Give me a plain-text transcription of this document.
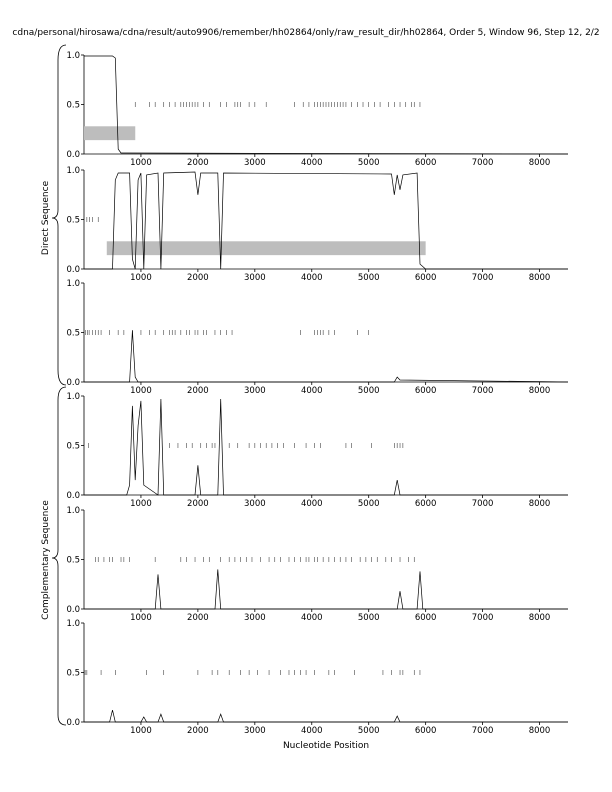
cdna/personal/hirosawa/cdna/result/auto9906/remember/hh02864/only/raw_result_dir/hh02864, Order 5, Window 96, Step 12, 2/2
0.0
0.5
1.0
1000	2000	3000	4000	5000	6000	7000	8000
0.0
0.5
1.0
1000	2000	3000	4000	5000	6000	7000	8000
0.0
0.5
1.0
1000	2000	3000	4000	5000	6000	7000	8000
0.0
0.5
1.0
1000	2000	3000	4000	5000	6000	7000	8000
0.0
0.5
1.0
1000	2000	3000	4000	5000	6000	7000	8000
0.0
0.5
1.0
1000	2000	3000	4000	5000	6000	7000	8000
Nucleotide Position
Direct Sequence
Complementary Sequence
